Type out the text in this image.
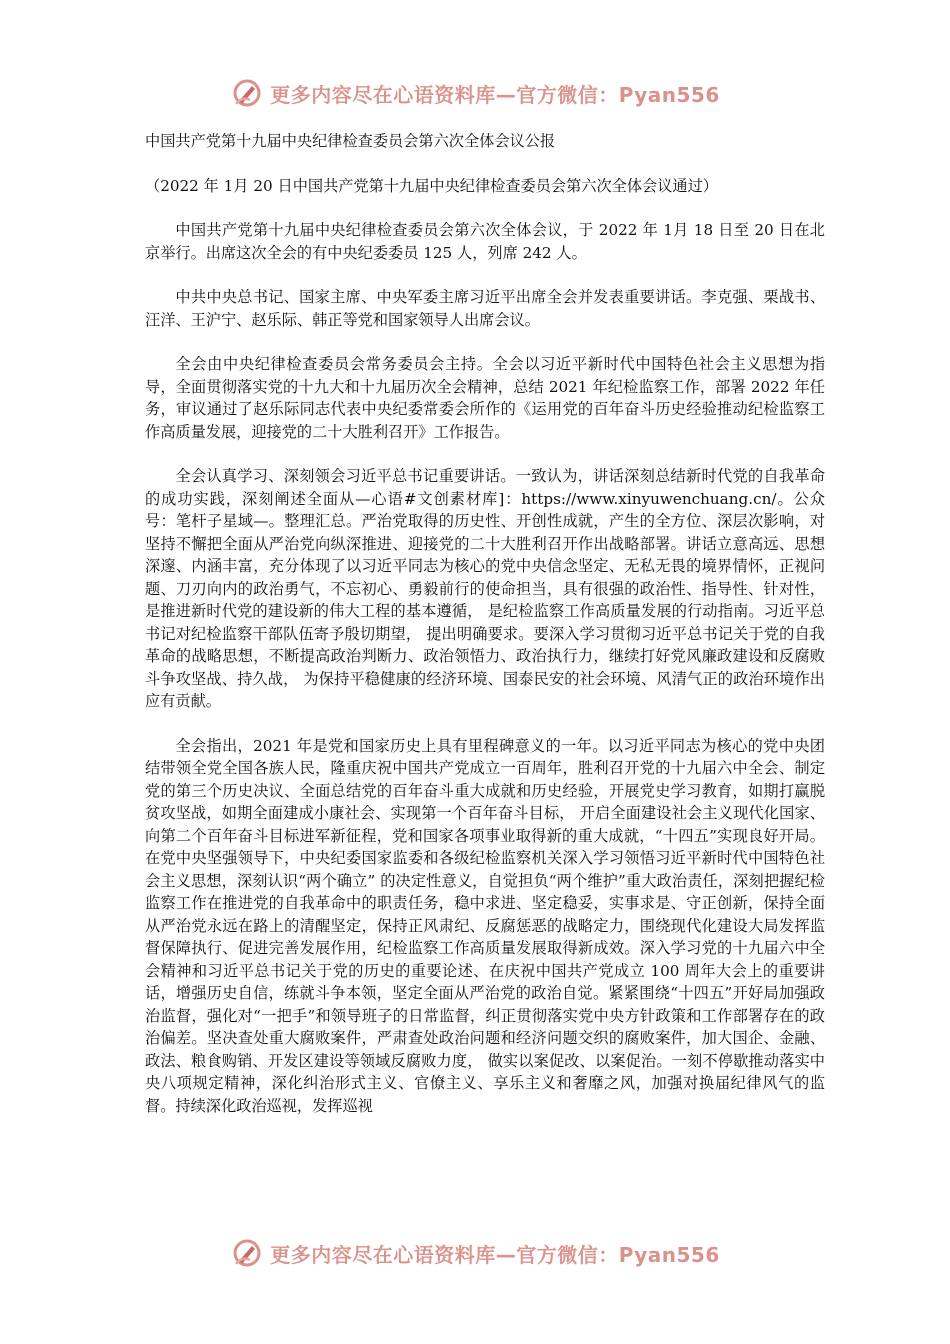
更多内容尽在心语资料库—官方微信：Pyan556

中国共产党第十九届中央纪律检查委员会第六次全体会议公报

（2022 年 1月 20 日中国共产党第十九届中央纪律检查委员会第六次全体会议通过）

中国共产党第十九届中央纪律检查委员会第六次全体会议，于 2022 年 1月 18 日至 20 日在北京举行。出席这次全会的有中央纪委委员 125 人，列席 242 人。

中共中央总书记、国家主席、中央军委主席习近平出席全会并发表重要讲话。李克强、栗战书、汪洋、王沪宁、赵乐际、韩正等党和国家领导人出席会议。

全会由中央纪律检查委员会常务委员会主持。全会以习近平新时代中国特色社会主义思想为指导，全面贯彻落实党的十九大和十九届历次全会精神，总结 2021 年纪检监察工作，部署 2022 年任务，审议通过了赵乐际同志代表中央纪委常委会所作的《运用党的百年奋斗历史经验推动纪检监察工作高质量发展，迎接党的二十大胜利召开》工作报告。

全会认真学习、深刻领会习近平总书记重要讲话。一致认为，讲话深刻总结新时代党的自我革命的成功实践，深刻阐述全面从—心语#文创素材库]：https://www.xinyuwenchuang.cn/。公众号：笔杆子星域—。整理汇总。严治党取得的历史性、开创性成就，产生的全方位、深层次影响，对坚持不懈把全面从严治党向纵深推进、迎接党的二十大胜利召开作出战略部署。讲话立意高远、思想深邃、内涵丰富，充分体现了以习近平同志为核心的党中央信念坚定、无私无畏的境界情怀，正视问题、刀刃向内的政治勇气，不忘初心、勇毅前行的使命担当，具有很强的政治性、指导性、针对性，是推进新时代党的建设新的伟大工程的基本遵循， 是纪检监察工作高质量发展的行动指南。习近平总书记对纪检监察干部队伍寄予殷切期望， 提出明确要求。要深入学习贯彻习近平总书记关于党的自我革命的战略思想，不断提高政治判断力、政治领悟力、政治执行力，继续打好党风廉政建设和反腐败斗争攻坚战、持久战， 为保持平稳健康的经济环境、国泰民安的社会环境、风清气正的政治环境作出应有贡献。

全会指出，2021 年是党和国家历史上具有里程碑意义的一年。以习近平同志为核心的党中央团结带领全党全国各族人民，隆重庆祝中国共产党成立一百周年，胜利召开党的十九届六中全会、制定党的第三个历史决议、全面总结党的百年奋斗重大成就和历史经验，开展党史学习教育，如期打赢脱贫攻坚战，如期全面建成小康社会、实现第一个百年奋斗目标， 开启全面建设社会主义现代化国家、向第二个百年奋斗目标进军新征程，党和国家各项事业取得新的重大成就，“十四五”实现良好开局。在党中央坚强领导下，中央纪委国家监委和各级纪检监察机关深入学习领悟习近平新时代中国特色社会主义思想，深刻认识“两个确立” 的决定性意义，自觉担负“两个维护”重大政治责任，深刻把握纪检监察工作在推进党的自我革命中的职责任务，稳中求进、坚定稳妥，实事求是、守正创新，保持全面从严治党永远在路上的清醒坚定，保持正风肃纪、反腐惩恶的战略定力，围绕现代化建设大局发挥监督保障执行、促进完善发展作用，纪检监察工作高质量发展取得新成效。深入学习党的十九届六中全会精神和习近平总书记关于党的历史的重要论述、在庆祝中国共产党成立 100 周年大会上的重要讲话，增强历史自信，练就斗争本领，坚定全面从严治党的政治自觉。紧紧围绕“十四五”开好局加强政治监督，强化对“一把手”和领导班子的日常监督，纠正贯彻落实党中央方针政策和工作部署存在的政治偏差。坚决查处重大腐败案件，严肃查处政治问题和经济问题交织的腐败案件，加大国企、金融、政法、粮食购销、开发区建设等领域反腐败力度， 做实以案促改、以案促治。一刻不停歇推动落实中央八项规定精神，深化纠治形式主义、官僚主义、享乐主义和奢靡之风，加强对换届纪律风气的监督。持续深化政治巡视，发挥巡视

更多内容尽在心语资料库—官方微信：Pyan556
